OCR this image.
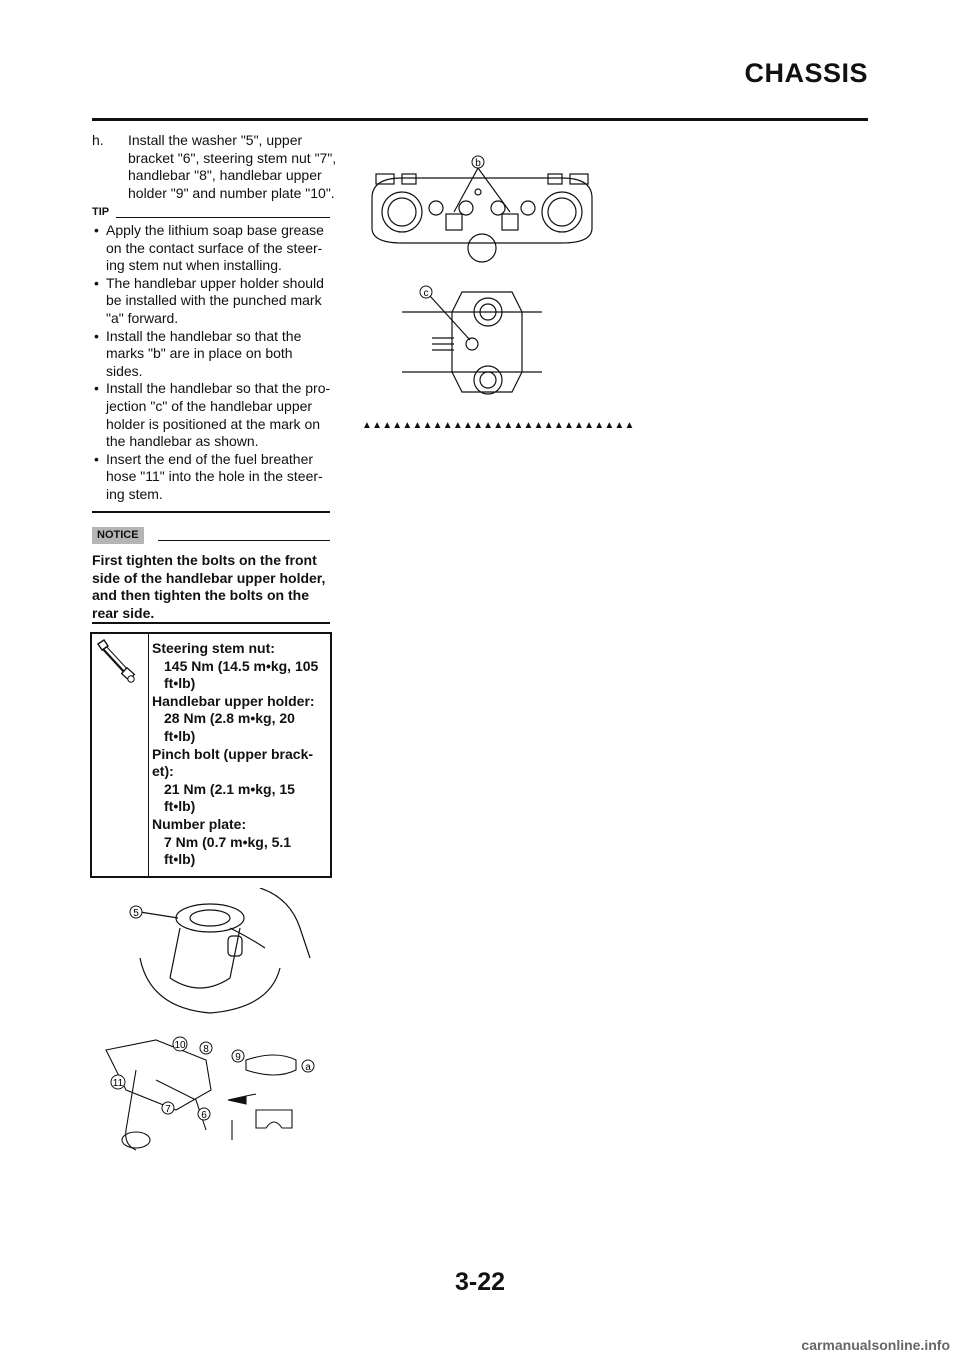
CHASSIS
h. Install the washer "5", upper
bracket "6", steering stem nut "7",
handlebar "8", handlebar upper
holder "9" and number plate "10".
TIP
• Apply the lithium soap base grease
on the contact surface of the steer-
ing stem nut when installing.
• The handlebar upper holder should
be installed with the punched mark
"a" forward.
• Install the handlebar so that the
marks "b" are in place on both
sides.
• Install the handlebar so that the pro-
jection "c" of the handlebar upper
holder is positioned at the mark on
the handlebar as shown.
• Insert the end of the fuel breather
hose "11" into the hole in the steer-
ing stem.
NOTICE
First tighten the bolts on the front
side of the handlebar upper holder,
and then tighten the bolts on the
rear side.
Steering stem nut:
145 Nm (14.5 m•kg, 105
ft•lb)
Handlebar upper holder:
28 Nm (2.8 m•kg, 20
ft•lb)
Pinch bolt (upper brack-
et):
21 Nm (2.1 m•kg, 15
ft•lb)
Number plate:
7 Nm (0.7 m•kg, 5.1
ft•lb)
b
c
▲▲▲▲▲▲▲▲▲▲▲▲▲▲▲▲▲▲▲▲▲▲▲▲▲▲▲
5
10 8
9
a
11
7
6
3-22
carmanualsonline.info
